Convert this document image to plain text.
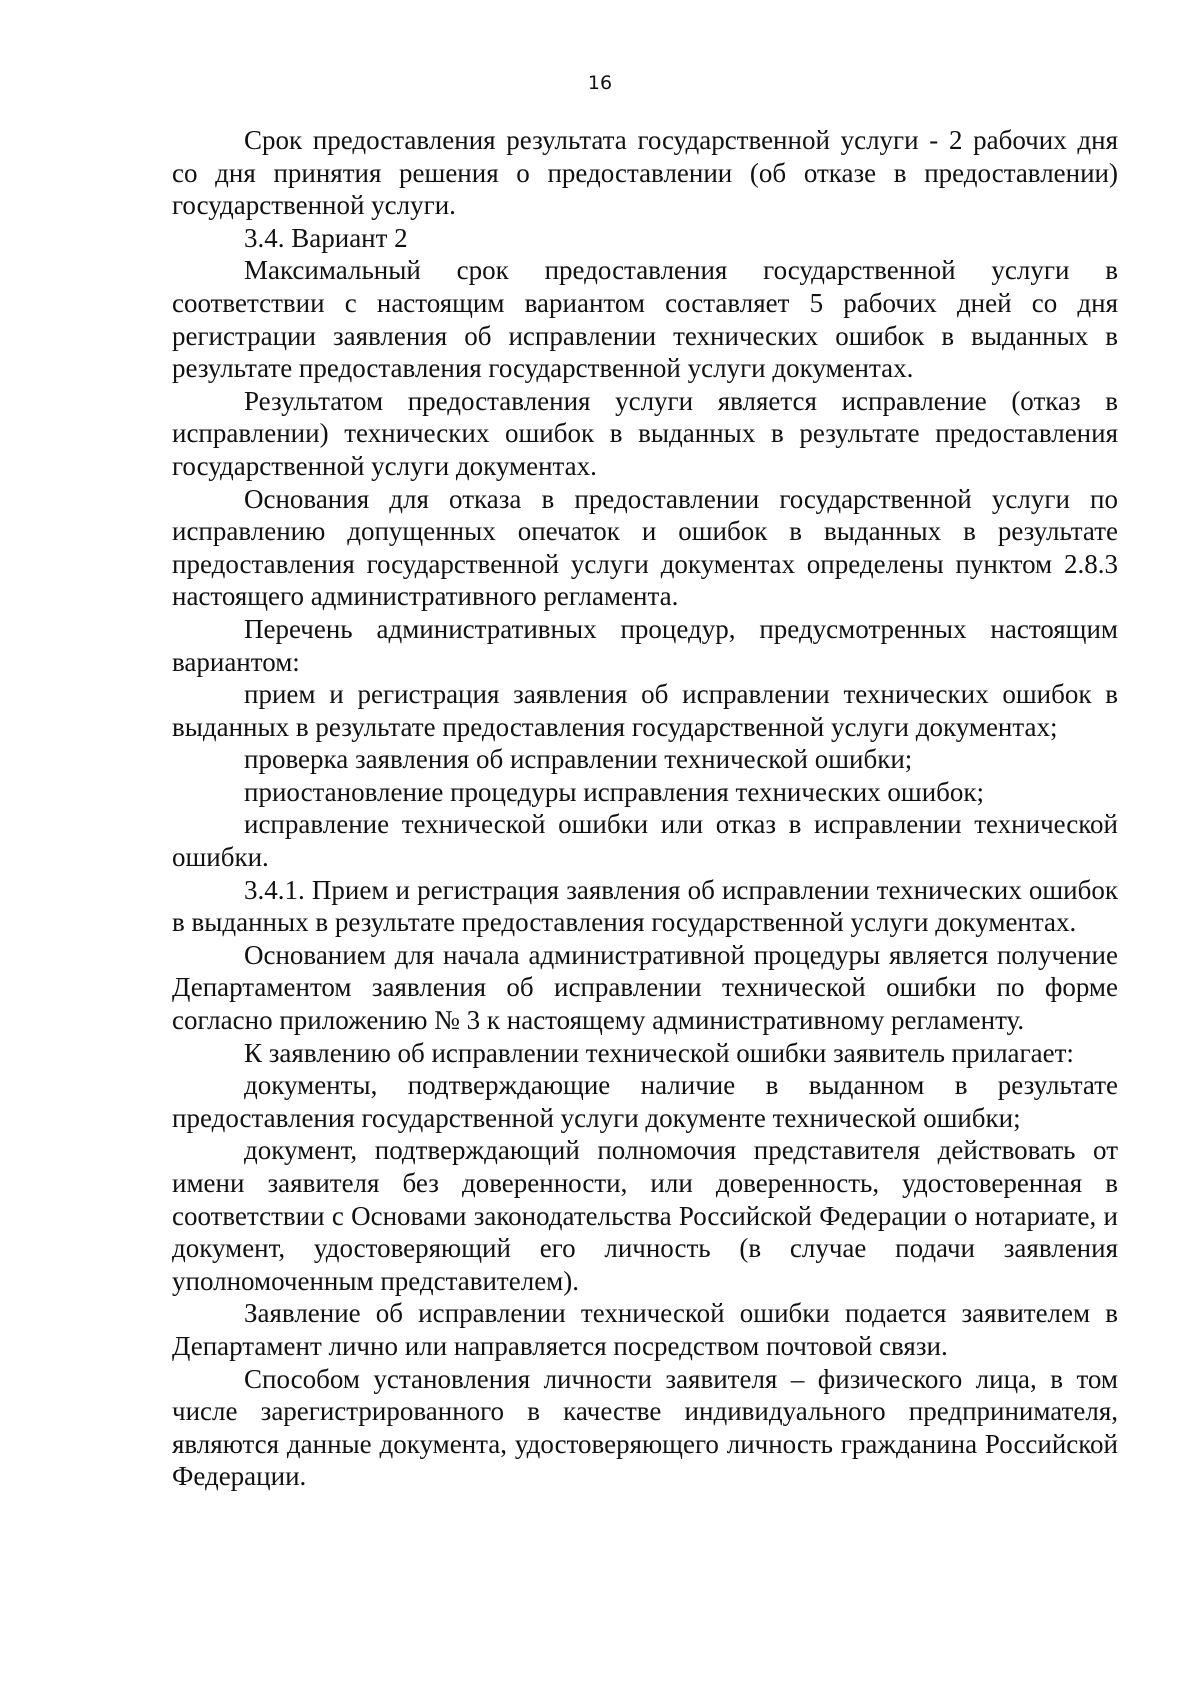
16

Срок предоставления результата государственной услуги - 2 рабочих дня со дня принятия решения о предоставлении (об отказе в предоставлении) государственной услуги.

3.4. Вариант 2

Максимальный срок предоставления государственной услуги в соответствии с настоящим вариантом составляет 5 рабочих дней со дня регистрации заявления об исправлении технических ошибок в выданных в результате предоставления государственной услуги документах.

Результатом предоставления услуги является исправление (отказ в исправлении) технических ошибок в выданных в результате предоставления государственной услуги документах.

Основания для отказа в предоставлении государственной услуги по исправлению допущенных опечаток и ошибок в выданных в результате предоставления государственной услуги документах определены пунктом 2.8.3 настоящего административного регламента.

Перечень административных процедур, предусмотренных настоящим вариантом:

прием и регистрация заявления об исправлении технических ошибок в выданных в результате предоставления государственной услуги документах;

проверка заявления об исправлении технической ошибки;

приостановление процедуры исправления технических ошибок;

исправление технической ошибки или отказ в исправлении технической ошибки.

3.4.1. Прием и регистрация заявления об исправлении технических ошибок в выданных в результате предоставления государственной услуги документах.

Основанием для начала административной процедуры является получение Департаментом заявления об исправлении технической ошибки по форме согласно приложению № 3 к настоящему административному регламенту.

К заявлению об исправлении технической ошибки заявитель прилагает:

документы, подтверждающие наличие в выданном в результате предоставления государственной услуги документе технической ошибки;

документ, подтверждающий полномочия представителя действовать от имени заявителя без доверенности, или доверенность, удостоверенная в соответствии с Основами законодательства Российской Федерации о нотариате, и документ, удостоверяющий его личность (в случае подачи заявления уполномоченным представителем).

Заявление об исправлении технической ошибки подается заявителем в Департамент лично или направляется посредством почтовой связи.

Способом установления личности заявителя – физического лица, в том числе зарегистрированного в качестве индивидуального предпринимателя, являются данные документа, удостоверяющего личность гражданина Российской Федерации.
